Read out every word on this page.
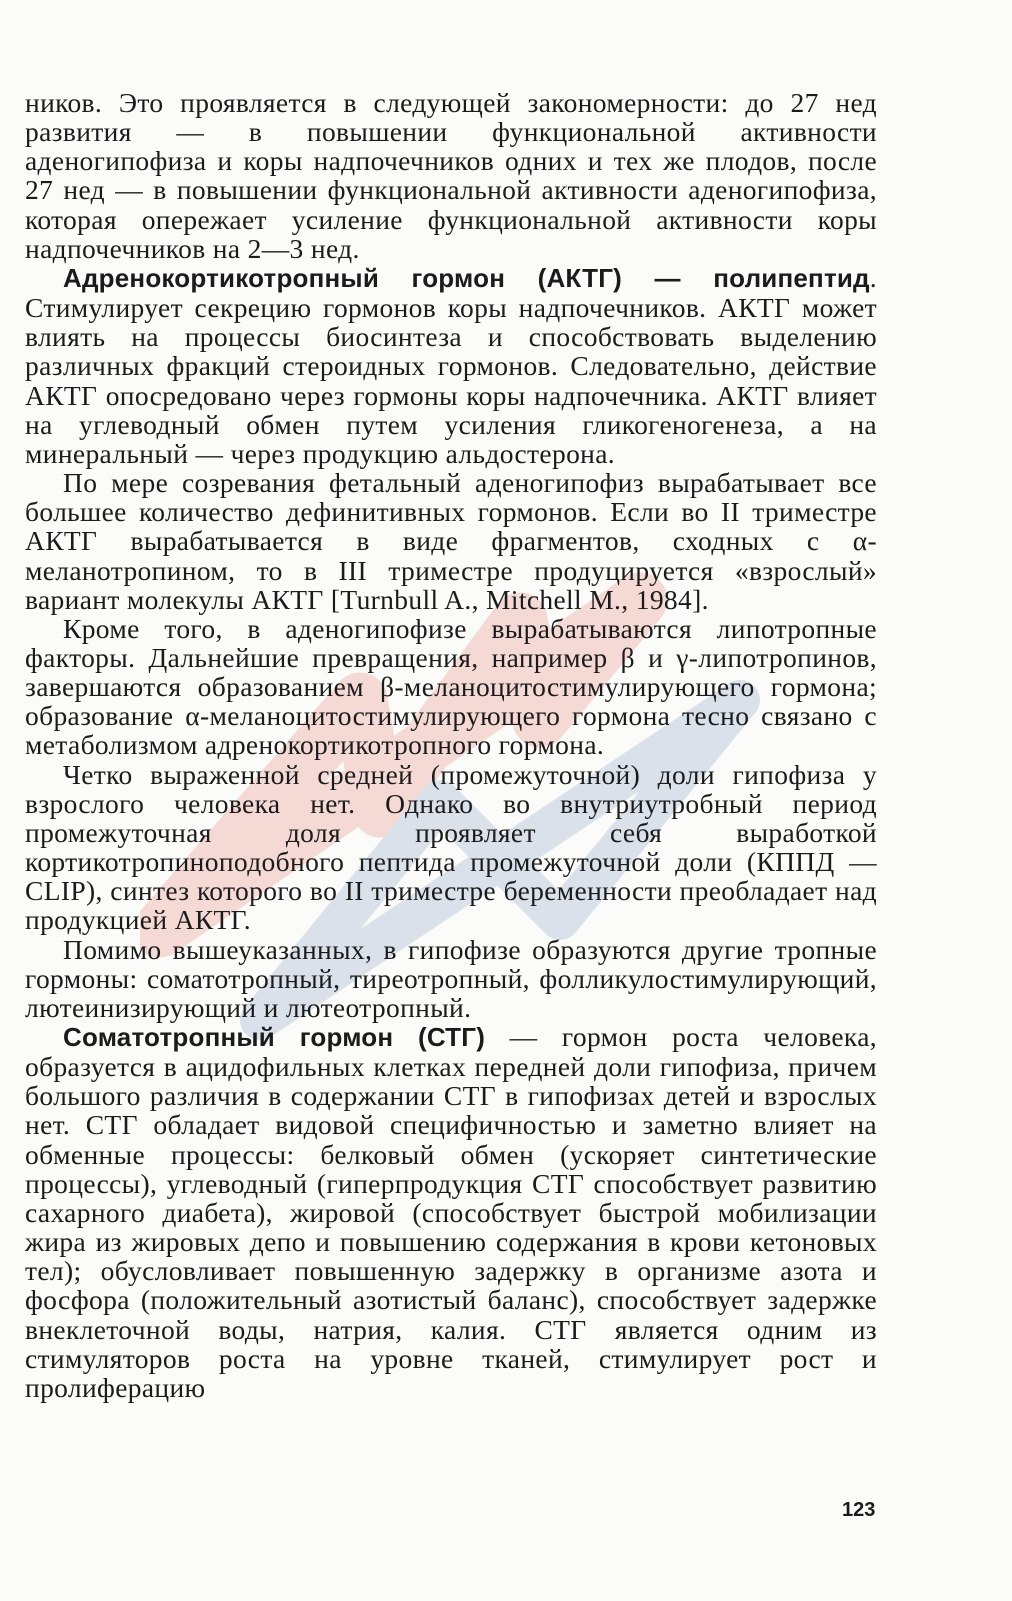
ников. Это проявляется в следующей закономерности: до 27 нед развития — в повышении функциональной активности аденогипофиза и коры надпочечников одних и тех же плодов, после 27 нед — в повышении функциональной активности аденогипофиза, которая опережает усиление функциональной активности коры надпочечников на 2—3 нед.

Адренокортикотропный гормон (АКТГ) — полипептид. Стимулирует секрецию гормонов коры надпочечников. АКТГ может влиять на процессы биосинтеза и способствовать выделению различных фракций стероидных гормонов. Следовательно, действие АКТГ опосредовано через гормоны коры надпочечника. АКТГ влияет на углеводный обмен путем усиления гликогеногенеза, а на минеральный — через продукцию альдостерона.

По мере созревания фетальный аденогипофиз вырабатывает все большее количество дефинитивных гормонов. Если во II триместре АКТГ вырабатывается в виде фрагментов, сходных с α-меланотропином, то в III триместре продуцируется «взрослый» вариант молекулы АКТГ [Turnbull A., Mitchell M., 1984].

Кроме того, в аденогипофизе вырабатываются липотропные факторы. Дальнейшие превращения, например β и γ-липотропинов, завершаются образованием β-меланоцитостимулирующего гормона; образование α-меланоцитостимулирующего гормона тесно связано с метаболизмом адренокортикотропного гормона.

Четко выраженной средней (промежуточной) доли гипофиза у взрослого человека нет. Однако во внутриутробный период промежуточная доля проявляет себя выработкой кортикотропиноподобного пептида промежуточной доли (КППД — CLIP), синтез которого во II триместре беременности преобладает над продукцией АКТГ.

Помимо вышеуказанных, в гипофизе образуются другие тропные гормоны: соматотропный, тиреотропный, фолликулостимулирующий, лютеинизирующий и лютеотропный.

Соматотропный гормон (СТГ) — гормон роста человека, образуется в ацидофильных клетках передней доли гипофиза, причем большого различия в содержании СТГ в гипофизах детей и взрослых нет. СТГ обладает видовой специфичностью и заметно влияет на обменные процессы: белковый обмен (ускоряет синтетические процессы), углеводный (гиперпродукция СТГ способствует развитию сахарного диабета), жировой (способствует быстрой мобилизации жира из жировых депо и повышению содержания в крови кетоновых тел); обусловливает повышенную задержку в организме азота и фосфора (положительный азотистый баланс), способствует задержке внеклеточной воды, натрия, калия. СТГ является одним из стимуляторов роста на уровне тканей, стимулирует рост и пролиферацию

123
